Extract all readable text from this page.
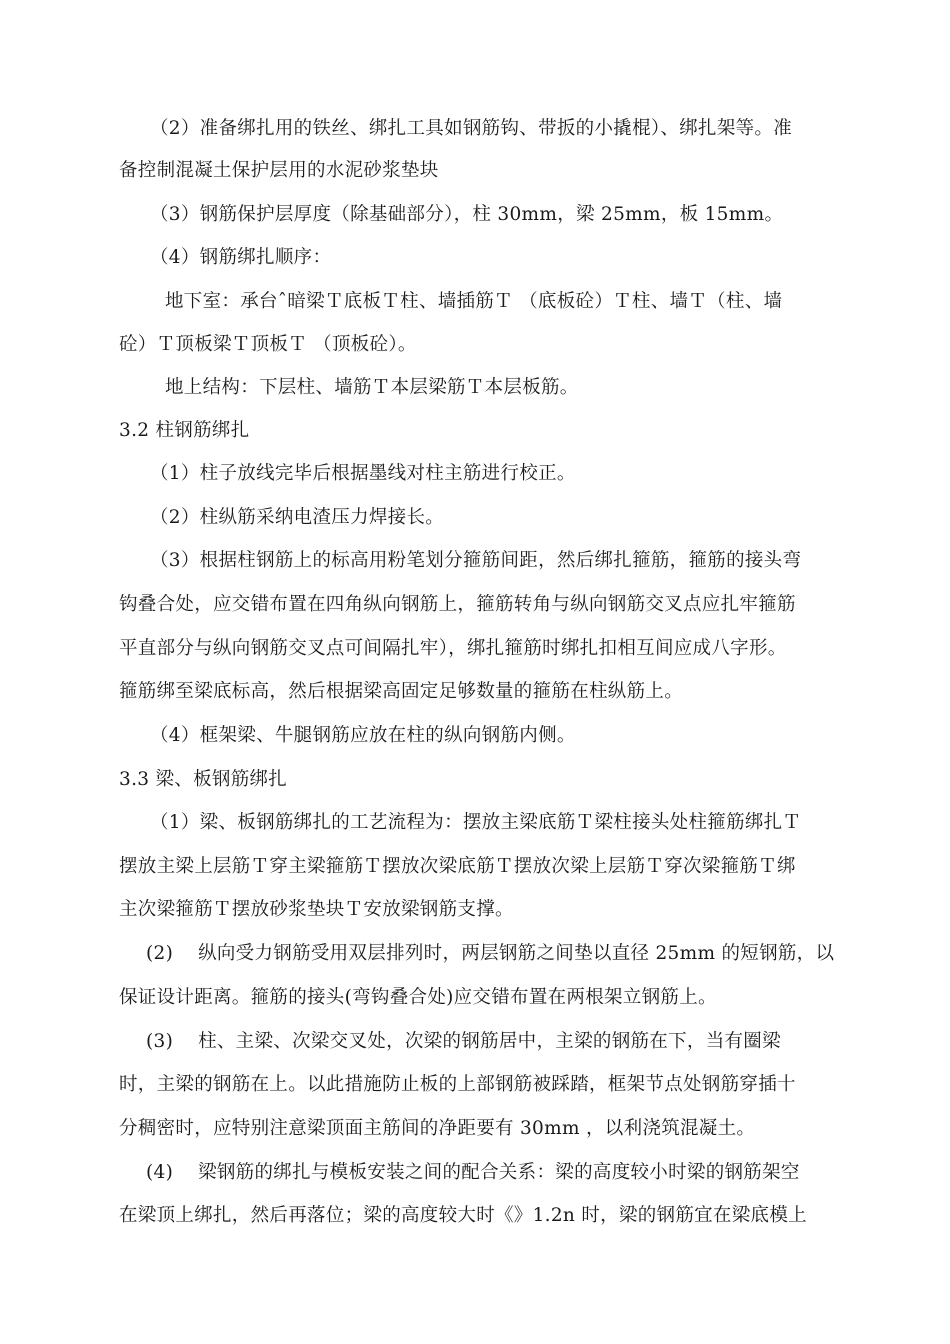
（2）准备绑扎用的铁丝、绑扎工具如钢筋钩、带扳的小撬棍）、绑扎架等。准
备控制混凝土保护层用的水泥砂浆垫块
（3）钢筋保护层厚度（除基础部分），柱 30mm，梁 25mm，板 15mm。
（4）钢筋绑扎顺序：
地下室：承台ˆ暗梁Ｔ底板Ｔ柱、墙插筋Ｔ （底板砼）Ｔ柱、墙Ｔ（柱、墙
砼）Ｔ顶板梁Ｔ顶板Ｔ （顶板砼）。
地上结构：下层柱、墙筋Ｔ本层梁筋Ｔ本层板筋。
3.2 柱钢筋绑扎
（1）柱子放线完毕后根据墨线对柱主筋进行校正。
（2）柱纵筋采纳电渣压力焊接长。
（3）根据柱钢筋上的标高用粉笔划分箍筋间距，然后绑扎箍筋，箍筋的接头弯
钩叠合处，应交错布置在四角纵向钢筋上，箍筋转角与纵向钢筋交叉点应扎牢箍筋
平直部分与纵向钢筋交叉点可间隔扎牢），绑扎箍筋时绑扎扣相互间应成八字形。
箍筋绑至梁底标高，然后根据梁高固定足够数量的箍筋在柱纵筋上。
（4）框架梁、牛腿钢筋应放在柱的纵向钢筋内侧。
3.3 梁、板钢筋绑扎
（1）梁、板钢筋绑扎的工艺流程为：摆放主梁底筋Ｔ梁柱接头处柱箍筋绑扎Ｔ
摆放主梁上层筋Ｔ穿主梁箍筋Ｔ摆放次梁底筋Ｔ摆放次梁上层筋Ｔ穿次梁箍筋Ｔ绑
主次梁箍筋Ｔ摆放砂浆垫块Ｔ安放梁钢筋支撑。
(2)　 纵向受力钢筋受用双层排列时，两层钢筋之间垫以直径 25mm 的短钢筋，以
保证设计距离。箍筋的接头(弯钩叠合处)应交错布置在两根架立钢筋上。
(3)　 柱、主梁、次梁交叉处，次梁的钢筋居中，主梁的钢筋在下，当有圈梁
时，主梁的钢筋在上。以此措施防止板的上部钢筋被踩踏，框架节点处钢筋穿插十
分稠密时，应特别注意梁顶面主筋间的净距要有 30mm ，以利浇筑混凝土。
(4)　 梁钢筋的绑扎与模板安装之间的配合关系：梁的高度较小时梁的钢筋架空
在梁顶上绑扎，然后再落位；梁的高度较大时《》1.2n 时，梁的钢筋宜在梁底模上
